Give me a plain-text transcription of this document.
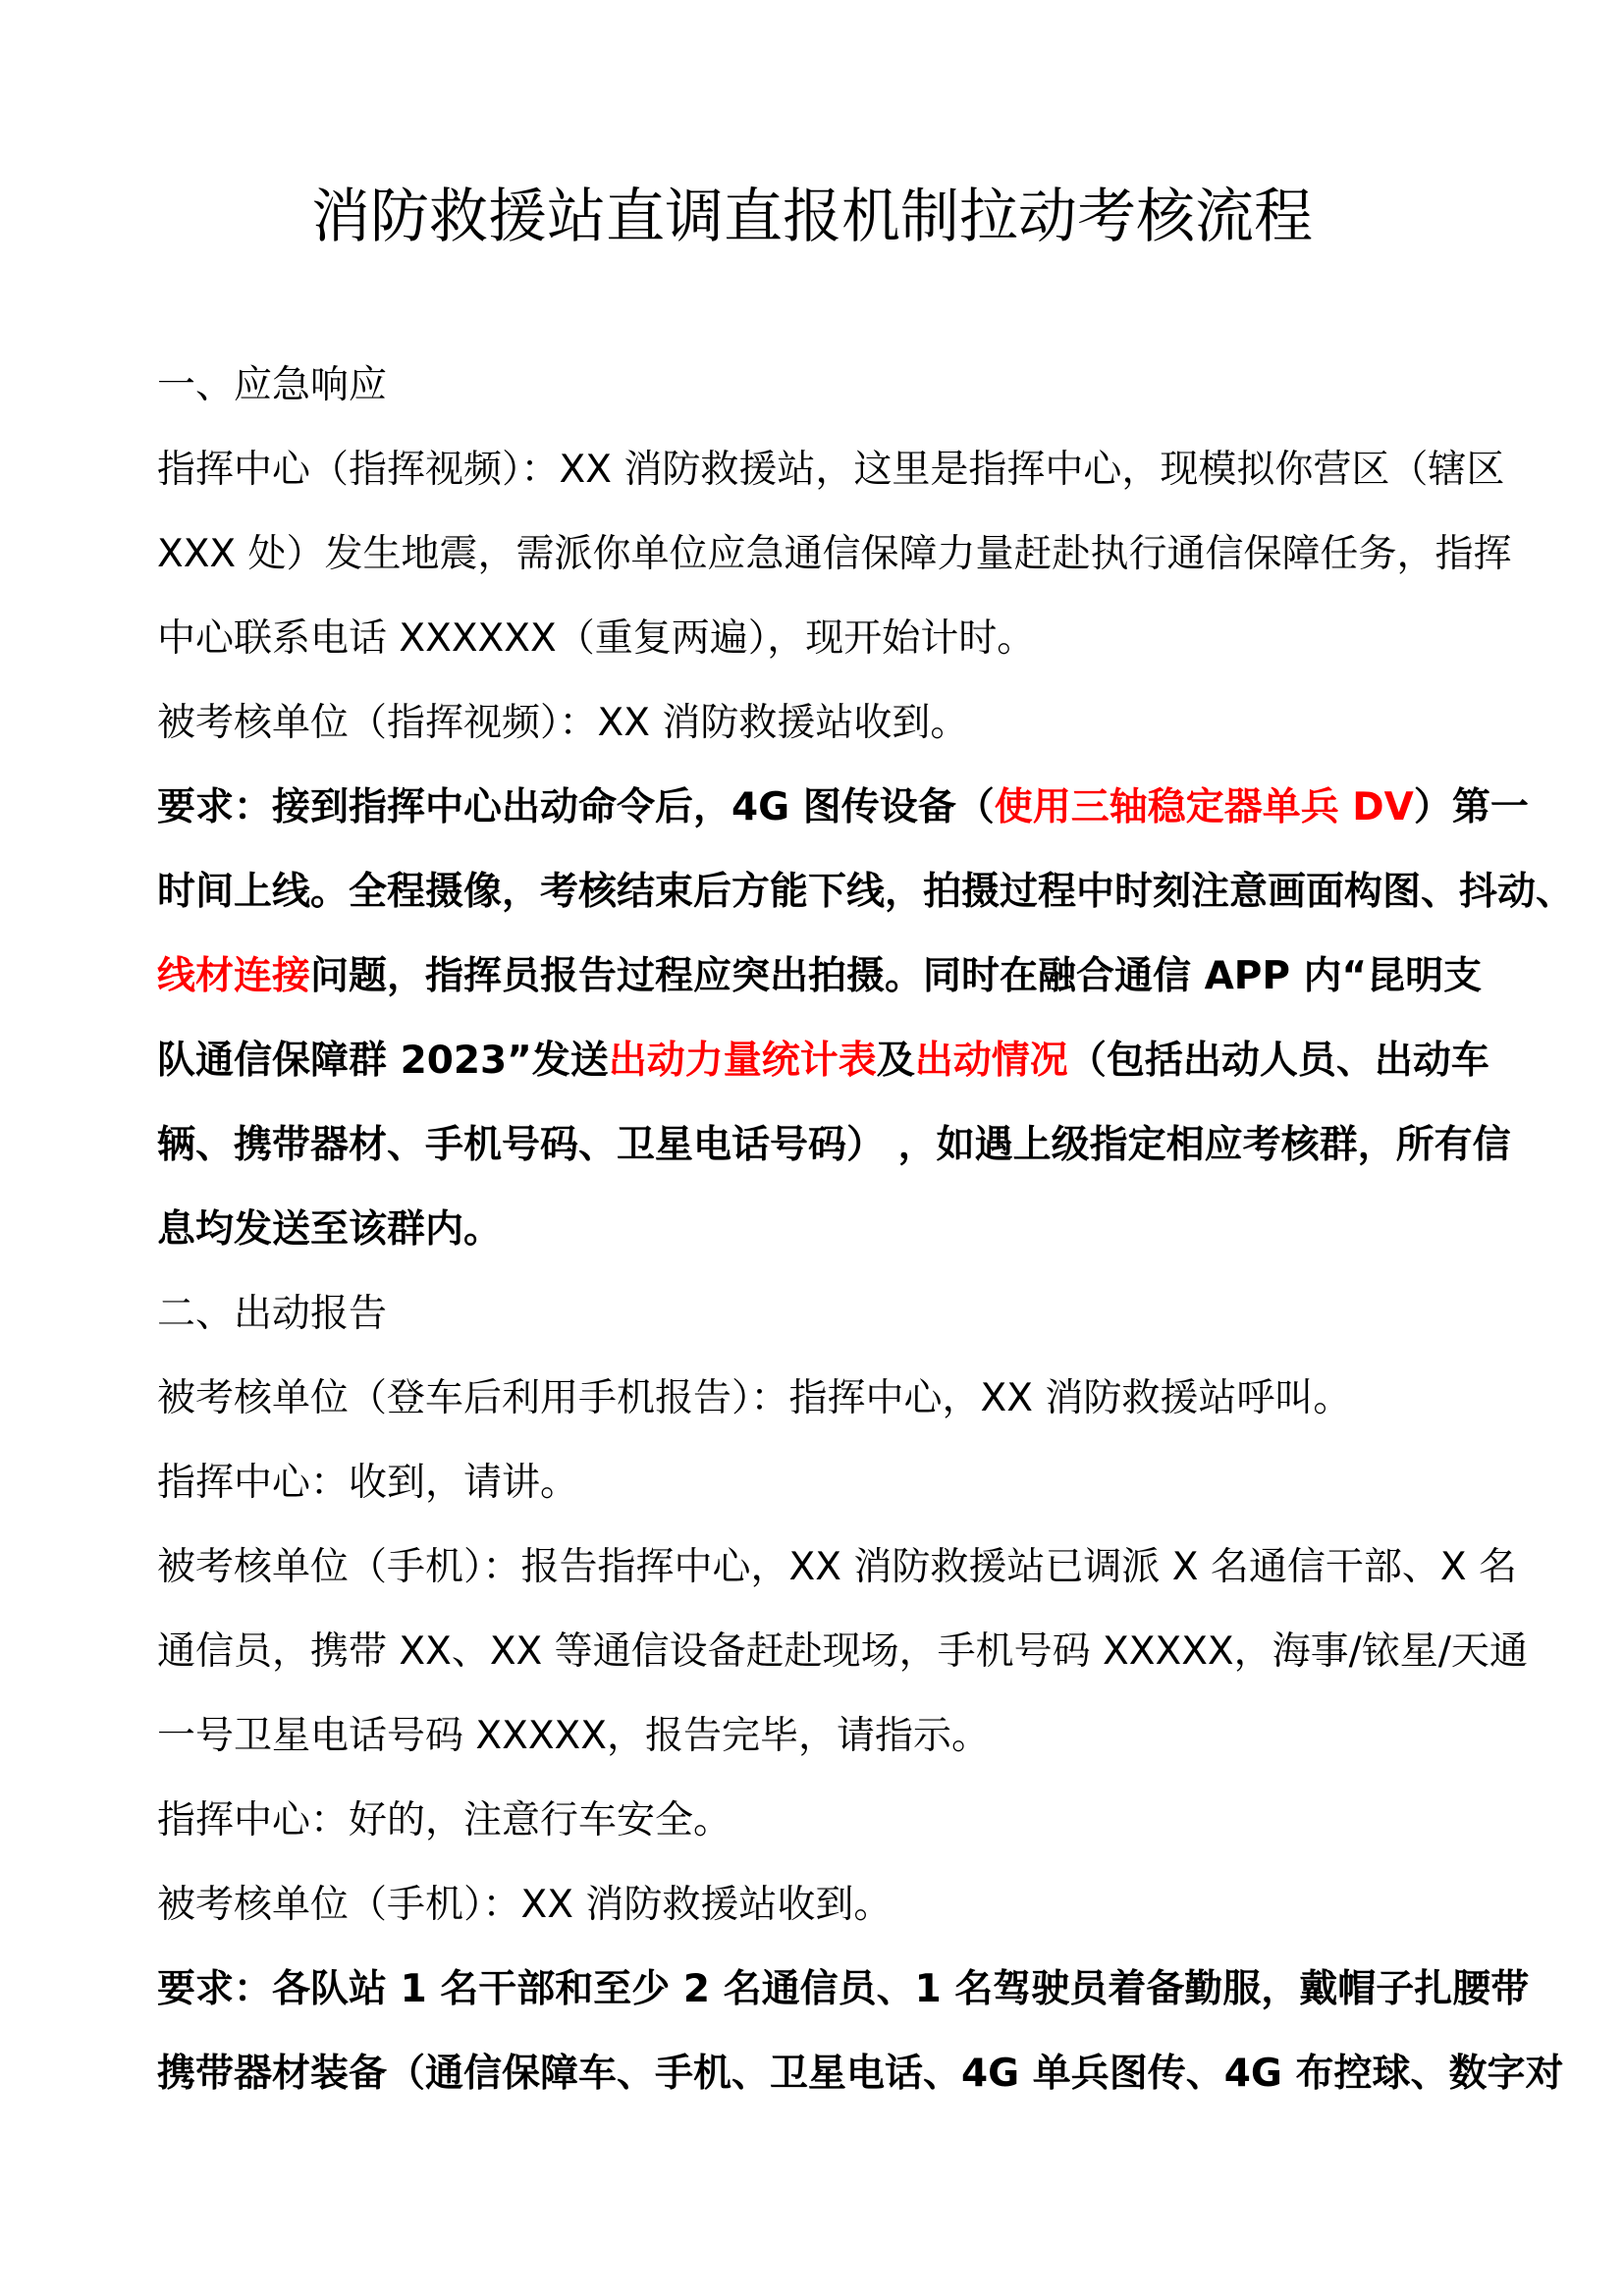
消防救援站直调直报机制拉动考核流程

一、应急响应

指挥中心（指挥视频）：XX 消防救援站，这里是指挥中心，现模拟你营区（辖区

XXX 处）发生地震，需派你单位应急通信保障力量赶赴执行通信保障任务，指挥

中心联系电话 XXXXXX（重复两遍），现开始计时。

被考核单位（指挥视频）：XX 消防救援站收到。

要求：接到指挥中心出动命令后，4G 图传设备（使用三轴稳定器单兵 DV）第一

时间上线。全程摄像，考核结束后方能下线，拍摄过程中时刻注意画面构图、抖动、

线材连接问题，指挥员报告过程应突出拍摄。同时在融合通信 APP 内“昆明支

队通信保障群 2023”发送出动力量统计表及出动情况（包括出动人员、出动车

辆、携带器材、手机号码、卫星电话号码） ，如遇上级指定相应考核群，所有信

息均发送至该群内。

二、出动报告

被考核单位（登车后利用手机报告）：指挥中心，XX 消防救援站呼叫。

指挥中心：收到，请讲。

被考核单位（手机）：报告指挥中心，XX 消防救援站已调派 X 名通信干部、X 名

通信员，携带 XX、XX 等通信设备赶赴现场，手机号码 XXXXX，海事/铱星/天通

一号卫星电话号码 XXXXX，报告完毕，请指示。

指挥中心：好的，注意行车安全。

被考核单位（手机）：XX 消防救援站收到。

要求：各队站 1 名干部和至少 2 名通信员、1 名驾驶员着备勤服，戴帽子扎腰带

携带器材装备（通信保障车、手机、卫星电话、4G 单兵图传、4G 布控球、数字对
